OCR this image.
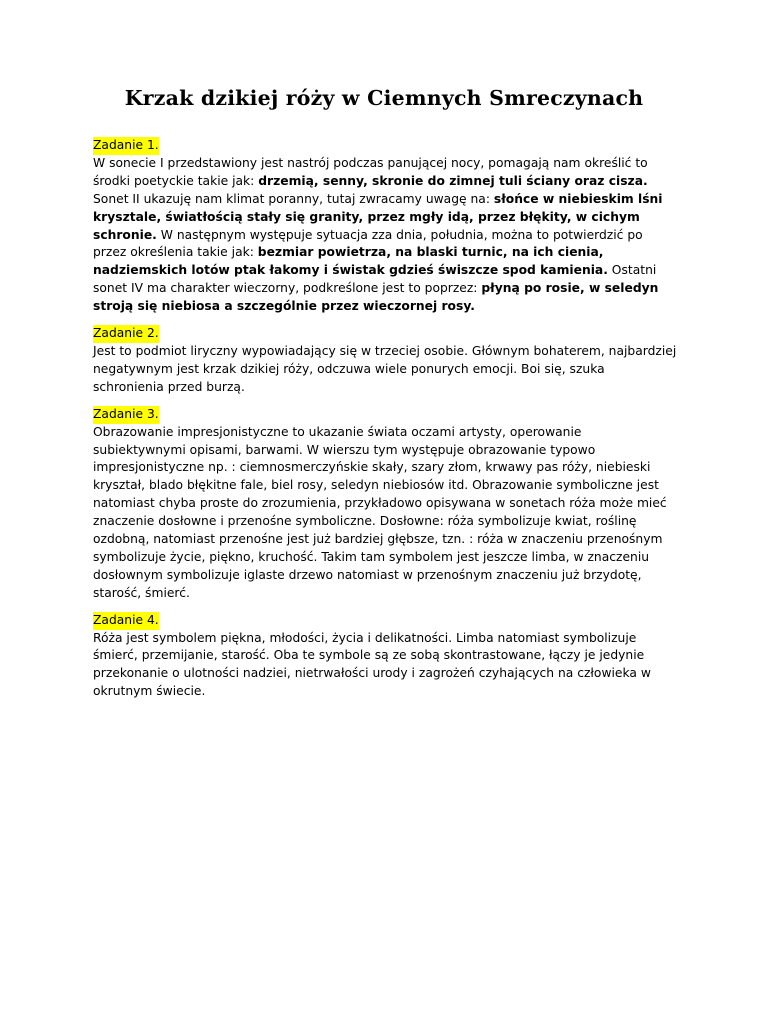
Krzak dzikiej róży w Ciemnych Smreczynach
Zadanie 1.

W sonecie I przedstawiony jest nastrój podczas panującej nocy, pomagają nam określić to środki poetyckie takie jak: drzemią, senny, skronie do zimnej tuli ściany oraz cisza. Sonet II ukazuję nam klimat poranny, tutaj zwracamy uwagę na: słońce w niebieskim lśni krysztale, światłością stały się granity, przez mgły idą, przez błękity, w cichym schronie. W następnym występuje sytuacja zza dnia, południa, można to potwierdzić po przez określenia takie jak: bezmiar powietrza, na blaski turnic, na ich cienia, nadziemskich lotów ptak łakomy i świstak gdzieś świszcze spod kamienia. Ostatni sonet IV ma charakter wieczorny, podkreślone jest to poprzez: płyną po rosie, w seledyn stroją się niebiosa a szczególnie przez wieczornej rosy.

Zadanie 2.

Jest to podmiot liryczny wypowiadający się w trzeciej osobie. Głównym bohaterem, najbardziej negatywnym jest krzak dzikiej róży, odczuwa wiele ponurych emocji. Boi się, szuka schronienia przed burzą.

Zadanie 3.

Obrazowanie impresjonistyczne to ukazanie świata oczami artysty, operowanie subiektywnymi opisami, barwami. W wierszu tym występuje obrazowanie typowo impresjonistyczne np. : ciemnosmerczyńskie skały, szary złom, krwawy pas róży, niebieski kryształ, blado błękitne fale, biel rosy, seledyn niebiosów itd. Obrazowanie symboliczne jest natomiast chyba proste do zrozumienia, przykładowo opisywana w sonetach róża może mieć znaczenie dosłowne i przenośne symboliczne. Dosłowne: róża symbolizuje kwiat, roślinę ozdobną, natomiast przenośne jest już bardziej głębsze, tzn. : róża w znaczeniu przenośnym symbolizuje życie, piękno, kruchość. Takim tam symbolem jest jeszcze limba, w znaczeniu dosłownym symbolizuje iglaste drzewo natomiast w przenośnym znaczeniu już brzydotę, starość, śmierć.

Zadanie 4.

Róża jest symbolem piękna, młodości, życia i delikatności. Limba natomiast symbolizuje śmierć, przemijanie, starość. Oba te symbole są ze sobą skontrastowane, łączy je jedynie przekonanie o ulotności nadziei, nietrwałości urody i zagrożeń czyhających na człowieka w okrutnym świecie.
